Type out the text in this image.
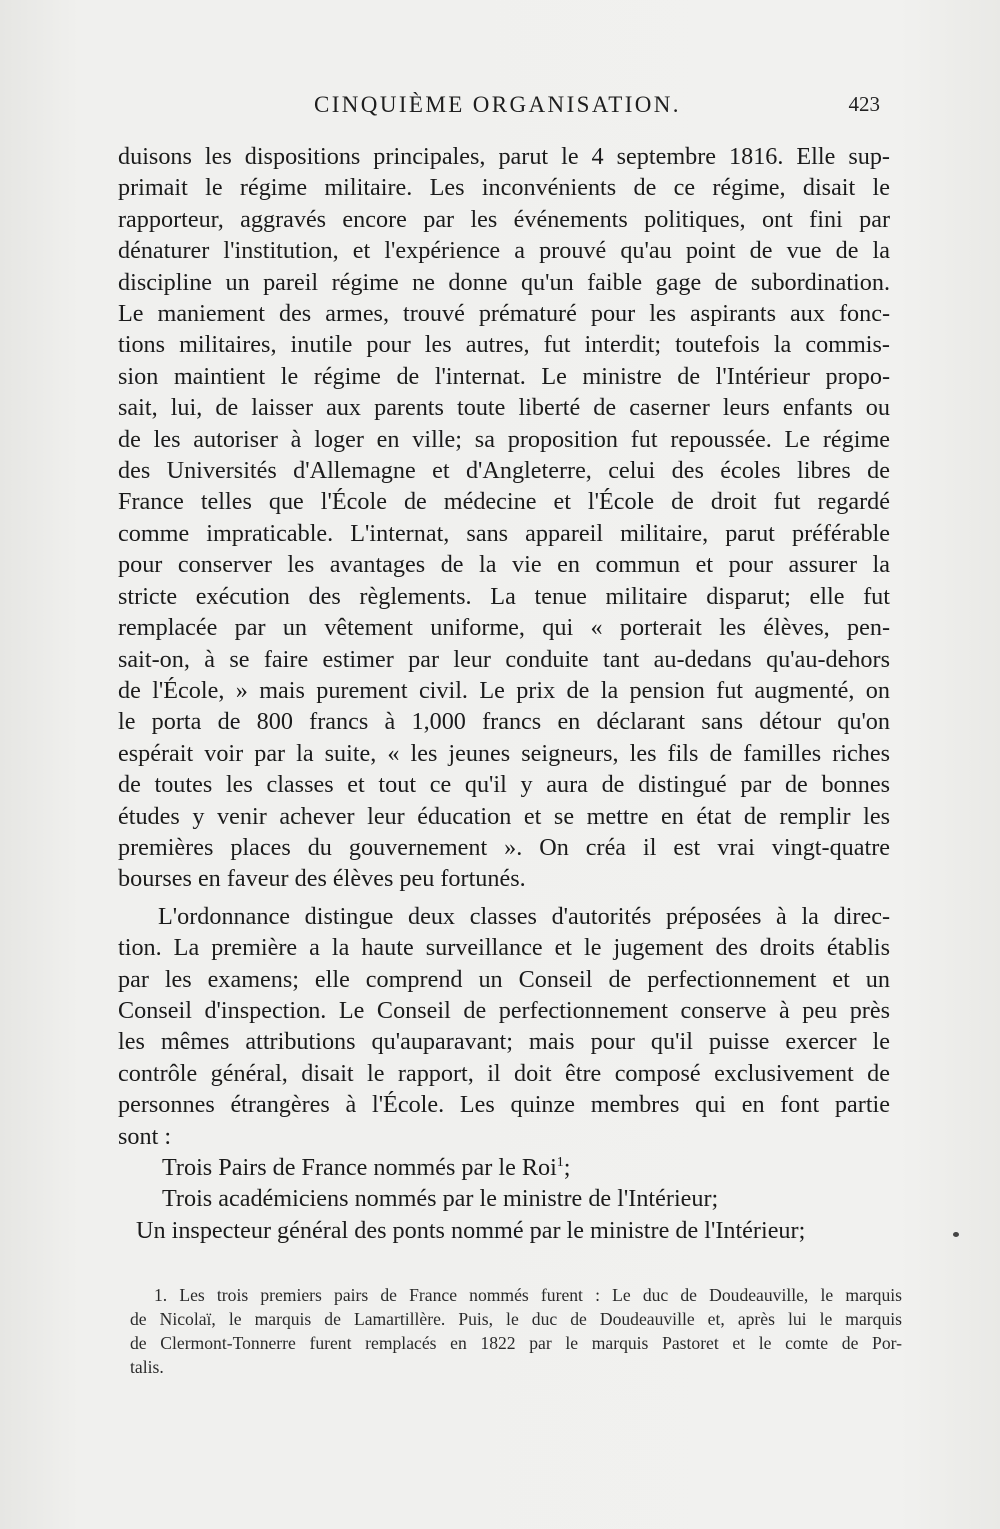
CINQUIÈME ORGANISATION.	423

duisons les dispositions principales, parut le 4 septembre 1816. Elle sup-
primait le régime militaire. Les inconvénients de ce régime, disait le
rapporteur, aggravés encore par les événements politiques, ont fini par
dénaturer l'institution, et l'expérience a prouvé qu'au point de vue de la
discipline un pareil régime ne donne qu'un faible gage de subordination.
Le maniement des armes, trouvé prématuré pour les aspirants aux fonc-
tions militaires, inutile pour les autres, fut interdit; toutefois la commis-
sion maintient le régime de l'internat. Le ministre de l'Intérieur propo-
sait, lui, de laisser aux parents toute liberté de caserner leurs enfants ou
de les autoriser à loger en ville; sa proposition fut repoussée. Le régime
des Universités d'Allemagne et d'Angleterre, celui des écoles libres de
France telles que l'École de médecine et l'École de droit fut regardé
comme impraticable. L'internat, sans appareil militaire, parut préférable
pour conserver les avantages de la vie en commun et pour assurer la
stricte exécution des règlements. La tenue militaire disparut; elle fut
remplacée par un vêtement uniforme, qui « porterait les élèves, pen-
sait-on, à se faire estimer par leur conduite tant au-dedans qu'au-dehors
de l'École, » mais purement civil. Le prix de la pension fut augmenté, on
le porta de 800 francs à 1,000 francs en déclarant sans détour qu'on
espérait voir par la suite, « les jeunes seigneurs, les fils de familles riches
de toutes les classes et tout ce qu'il y aura de distingué par de bonnes
études y venir achever leur éducation et se mettre en état de remplir les
premières places du gouvernement ». On créa il est vrai vingt-quatre
bourses en faveur des élèves peu fortunés.

L'ordonnance distingue deux classes d'autorités préposées à la direc-
tion. La première a la haute surveillance et le jugement des droits établis
par les examens; elle comprend un Conseil de perfectionnement et un
Conseil d'inspection. Le Conseil de perfectionnement conserve à peu près
les mêmes attributions qu'auparavant; mais pour qu'il puisse exercer le
contrôle général, disait le rapport, il doit être composé exclusivement de
personnes étrangères à l'École. Les quinze membres qui en font partie
sont :

Trois Pairs de France nommés par le Roi$^1$;
Trois académiciens nommés par le ministre de l'Intérieur;
Un inspecteur général des ponts nommé par le ministre de l'Intérieur;
1. Les trois premiers pairs de France nommés furent : Le duc de Doudeauville, le marquis
de Nicolaï, le marquis de Lamartillère. Puis, le duc de Doudeauville et, après lui le marquis
de Clermont-Tonnerre furent remplacés en 1822 par le marquis Pastoret et le comte de Por-
talis.
